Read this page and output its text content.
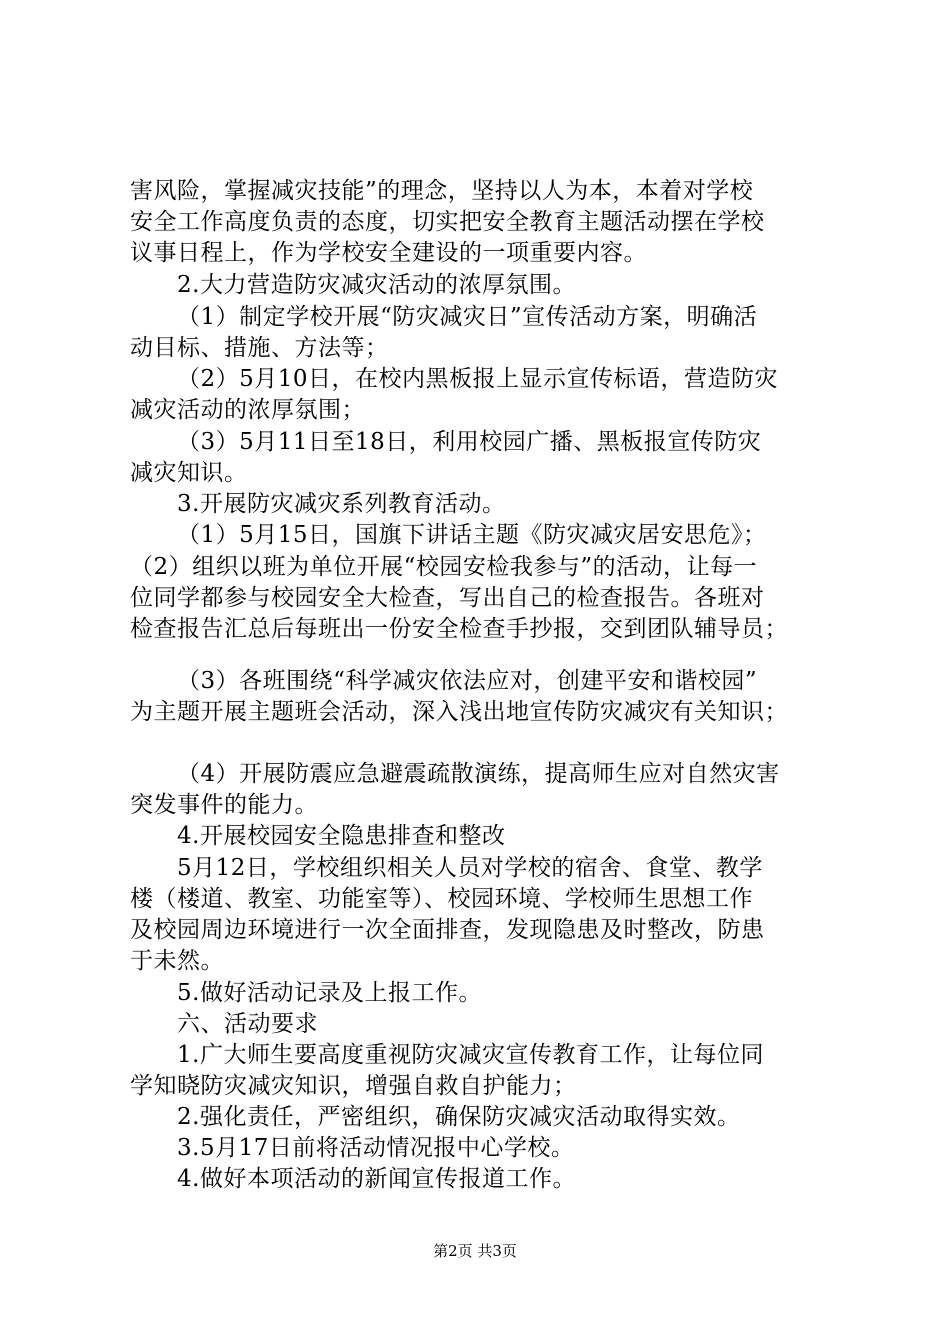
害风险，掌握减灾技能”的理念，坚持以人为本，本着对学校
安全工作高度负责的态度，切实把安全教育主题活动摆在学校
议事日程上，作为学校安全建设的一项重要内容。
2.大力营造防灾减灾活动的浓厚氛围。
（1）制定学校开展“防灾减灾日”宣传活动方案，明确活
动目标、措施、方法等；
（2）5月10日，在校内黑板报上显示宣传标语，营造防灾
减灾活动的浓厚氛围；
（3）5月11日至18日，利用校园广播、黑板报宣传防灾
减灾知识。
3.开展防灾减灾系列教育活动。
（1）5月15日，国旗下讲话主题《防灾减灾居安思危》；
（2）组织以班为单位开展“校园安检我参与”的活动，让每一
位同学都参与校园安全大检查，写出自己的检查报告。各班对
检查报告汇总后每班出一份安全检查手抄报，交到团队辅导员；
（3）各班围绕“科学减灾依法应对，创建平安和谐校园”
为主题开展主题班会活动，深入浅出地宣传防灾减灾有关知识；
（4）开展防震应急避震疏散演练，提高师生应对自然灾害
突发事件的能力。
4.开展校园安全隐患排查和整改
5月12日，学校组织相关人员对学校的宿舍、食堂、教学
楼（楼道、教室、功能室等）、校园环境、学校师生思想工作
及校园周边环境进行一次全面排查，发现隐患及时整改，防患
于未然。
5.做好活动记录及上报工作。
六、活动要求
1.广大师生要高度重视防灾减灾宣传教育工作，让每位同
学知晓防灾减灾知识，增强自救自护能力；
2.强化责任，严密组织，确保防灾减灾活动取得实效。
3.5月17日前将活动情况报中心学校。
4.做好本项活动的新闻宣传报道工作。
第2页 共3页
